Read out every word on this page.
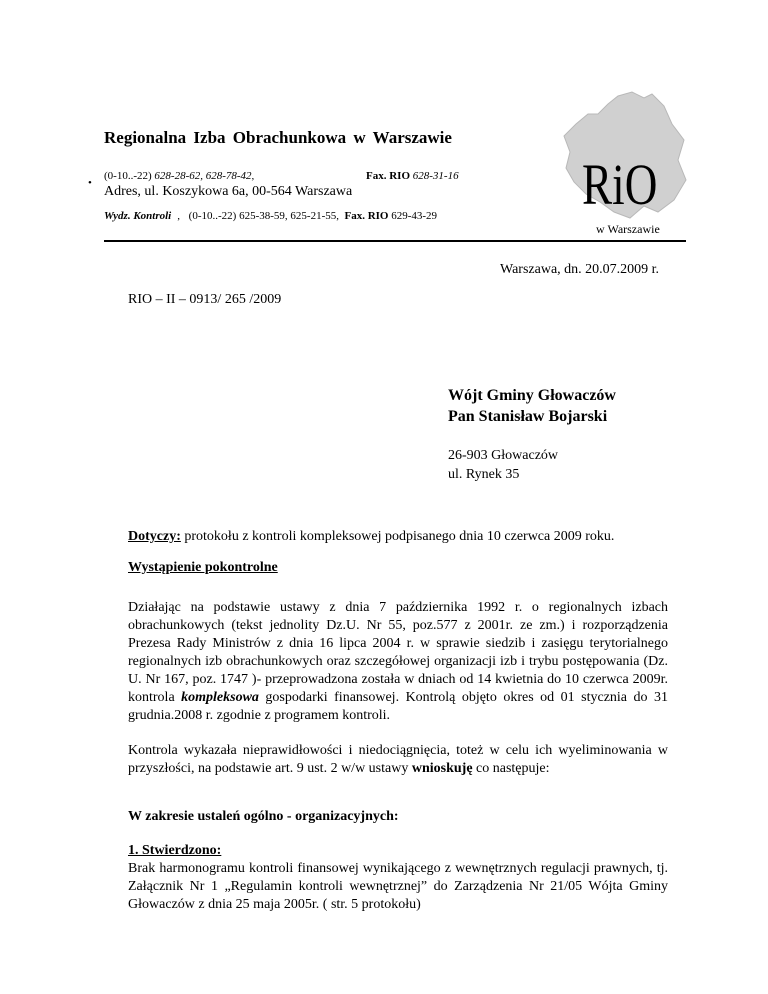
Regionalna Izba Obrachunkowa w Warszawie
•
(0-10..-22) 628-28-62, 628-78-42,	Fax. RIO 628-31-16
Adres, ul. Koszykowa 6a, 00-564 Warszawa
Wydz. Kontroli  ‚   (0-10..-22) 625-38-59, 625-21-55, Fax. RIO 629-43-29 RiO
w Warszawie
Warszawa, dn. 20.07.2009 r.
RIO – II – 0913/ 265 /2009
Wójt Gminy Głowaczów
Pan Stanisław Bojarski
26-903 Głowaczów
ul. Rynek 35
Dotyczy: protokołu z kontroli kompleksowej podpisanego dnia 10 czerwca 2009 roku.
Wystąpienie pokontrolne
Działając na podstawie ustawy z dnia 7 października 1992 r. o regionalnych izbach obrachunkowych (tekst jednolity Dz.U. Nr 55, poz.577 z 2001r. ze zm.) i rozporządzenia Prezesa Rady Ministrów z dnia 16 lipca 2004 r. w sprawie siedzib i zasięgu terytorialnego regionalnych izb obrachunkowych oraz szczegółowej organizacji izb i trybu postępowania (Dz. U. Nr 167, poz. 1747 )- przeprowadzona została w dniach od 14 kwietnia do 10 czerwca 2009r. kontrola kompleksowa gospodarki finansowej. Kontrolą objęto okres od 01 stycznia do 31 grudnia.2008 r. zgodnie z programem kontroli.
Kontrola wykazała nieprawidłowości i niedociągnięcia, toteż w celu ich wyeliminowania w przyszłości, na podstawie art. 9 ust. 2 w/w ustawy wnioskuję co następuje:
W zakresie ustaleń ogólno - organizacyjnych:
1. Stwierdzono:
Brak harmonogramu kontroli finansowej wynikającego z wewnętrznych regulacji prawnych, tj. Załącznik Nr 1 „Regulamin kontroli wewnętrznej” do Zarządzenia Nr 21/05 Wójta Gminy Głowaczów z dnia 25 maja 2005r. ( str. 5 protokołu)
